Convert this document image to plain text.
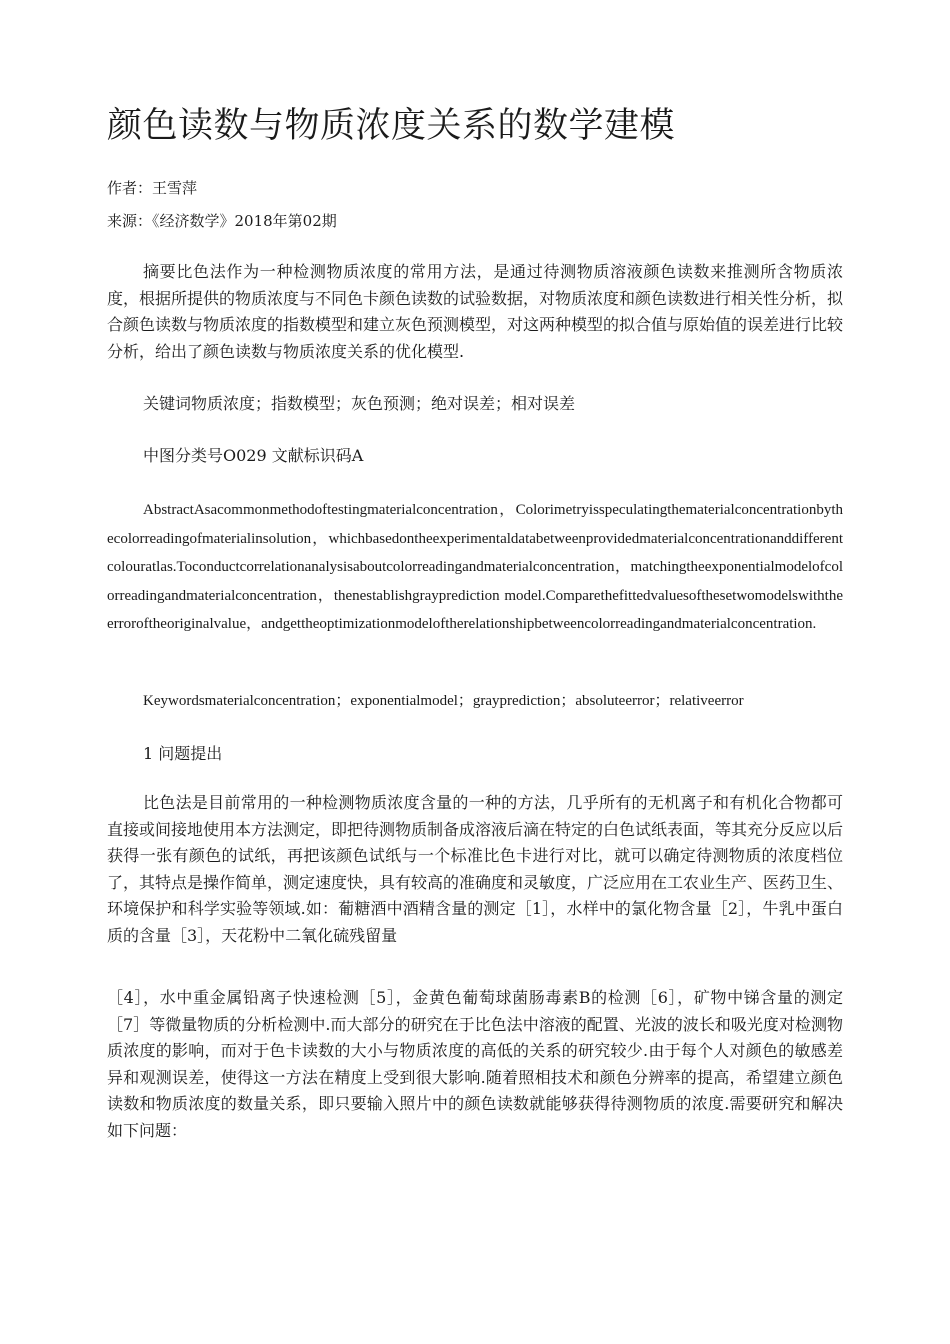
颜色读数与物质浓度关系的数学建模
作者：王雪萍
来源：《经济数学》2018年第02期

摘要比色法作为一种检测物质浓度的常用方法，是通过待测物质溶液颜色读数来推测所含物质浓度，根据所提供的物质浓度与不同色卡颜色读数的试验数据，对物质浓度和颜色读数进行相关性分析，拟合颜色读数与物质浓度的指数模型和建立灰色预测模型，对这两种模型的拟合值与原始值的误差进行比较分析，给出了颜色读数与物质浓度关系的优化模型.

关键词物质浓度；指数模型；灰色预测；绝对误差；相对误差

中图分类号O029 文献标识码A

AbstractAsacommonmethodoftestingmaterialconcentration，Colorimetryisspeculatingthematerialconcentrationbythecolorreadingofmaterialinsolution，whichbasedontheexperimentaldatabetweenprovidedmaterialconcentrationanddifferentcolouratlas.Toconductcorrelationanalysisaboutcolorreadingandmaterialconcentration，matchingtheexponentialmodelofcolorreadingandmaterialconcentration，thenestablishgrayprediction model.Comparethefittedvaluesofthesetwomodelswiththeerroroftheoriginalvalue，andgettheoptimizationmodeloftherelationshipbetweencolorreadingandmaterialconcentration.

Keywordsmaterialconcentration；exponentialmodel；grayprediction；absoluteerror；relativeerror

1 问题提出

比色法是目前常用的一种检测物质浓度含量的一种的方法，几乎所有的无机离子和有机化合物都可直接或间接地使用本方法测定，即把待测物质制备成溶液后滴在特定的白色试纸表面，等其充分反应以后获得一张有颜色的试纸，再把该颜色试纸与一个标准比色卡进行对比，就可以确定待测物质的浓度档位了，其特点是操作简单，测定速度快，具有较高的准确度和灵敏度，广泛应用在工农业生产、医药卫生、环境保护和科学实验等领域.如：葡糖酒中酒精含量的测定［1］，水样中的氯化物含量［2］，牛乳中蛋白质的含量［3］，天花粉中二氧化硫残留量

［4］，水中重金属铅离子快速检测［5］，金黄色葡萄球菌肠毒素B的检测［6］，矿物中锑含量的测定［7］等微量物质的分析检测中.而大部分的研究在于比色法中溶液的配置、光波的波长和吸光度对检测物质浓度的影响，而对于色卡读数的大小与物质浓度的高低的关系的研究较少.由于每个人对颜色的敏感差异和观测误差，使得这一方法在精度上受到很大影响.随着照相技术和颜色分辨率的提高，希望建立颜色读数和物质浓度的数量关系，即只要输入照片中的颜色读数就能够获得待测物质的浓度.需要研究和解决如下问题：
